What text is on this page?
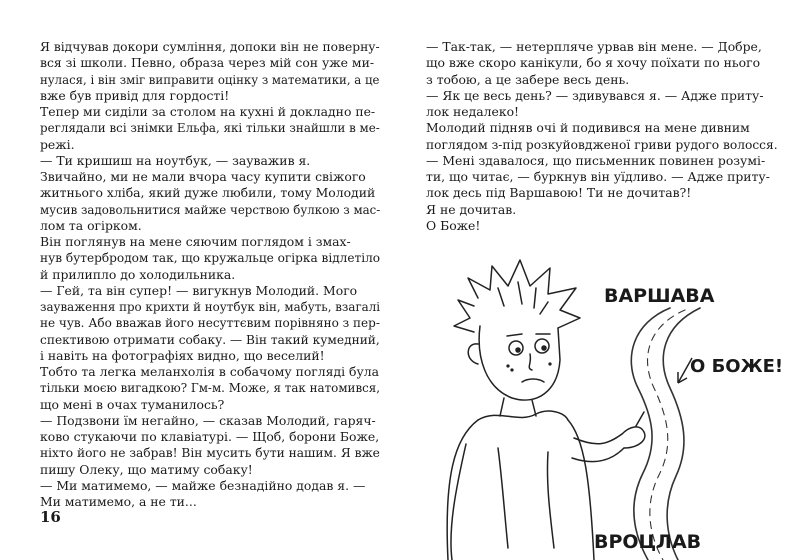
Я відчував докори сумління, допоки він не поверну-
вся зі школи. Певно, образа через мій сон уже ми-
нулася, і він зміг виправити оцінку з математики, а це
вже був привід для гордості!
Тепер ми сиділи за столом на кухні й докладно пе-
реглядали всі знімки Ельфа, які тільки знайшли в ме-
режі.
— Ти кришиш на ноутбук, — зауважив я.
Звичайно, ми не мали вчора часу купити свіжого
житнього хліба, який дуже любили, тому Молодий
мусив задовольнитися майже черствою булкою з мас-
лом та огірком.
Він поглянув на мене сяючим поглядом і змах-
нув бутербродом так, що кружальце огірка відлетіло
й прилипло до холодильника.
— Гей, та він супер! — вигукнув Молодий. Мого
зауваження про крихти й ноутбук він, мабуть, взагалі
не чув. Або вважав його несуттєвим порівняно з пер-
спективою отримати собаку. — Він такий кумедний,
і навіть на фотографіях видно, що веселий!
Тобто та легка меланхолія в собачому погляді була
тільки моєю вигадкою? Гм-м. Може, я так натомився,
що мені в очах туманилось?
— Подзвони їм негайно, — сказав Молодий, гаряч-
ково стукаючи по клавіатурі. — Щоб, борони Боже,
ніхто його не забрав! Він мусить бути нашим. Я вже
пишу Олеку, що матиму собаку!
— Ми матимемо, — майже безнадійно додав я. —
Ми матимемо, а не ти...
16
— Так-так, — нетерпляче урвав він мене. — Добре,
що вже скоро канікули, бо я хочу поїхати по нього
з тобою, а це забере весь день.
— Як це весь день? — здивувався я. — Адже приту-
лок недалеко!
Молодий підняв очі й подивився на мене дивним
поглядом з-під розкуйовдженої гриви рудого волосся.
— Мені здавалося, що письменник повинен розумі-
ти, що читає, — буркнув він уїдливо. — Адже приту-
лок десь під Варшавою! Ти не дочитав?!
Я не дочитав.
О Боже!
ВАРШАВА
О БОЖЕ!
ВРОЦЛАВ
